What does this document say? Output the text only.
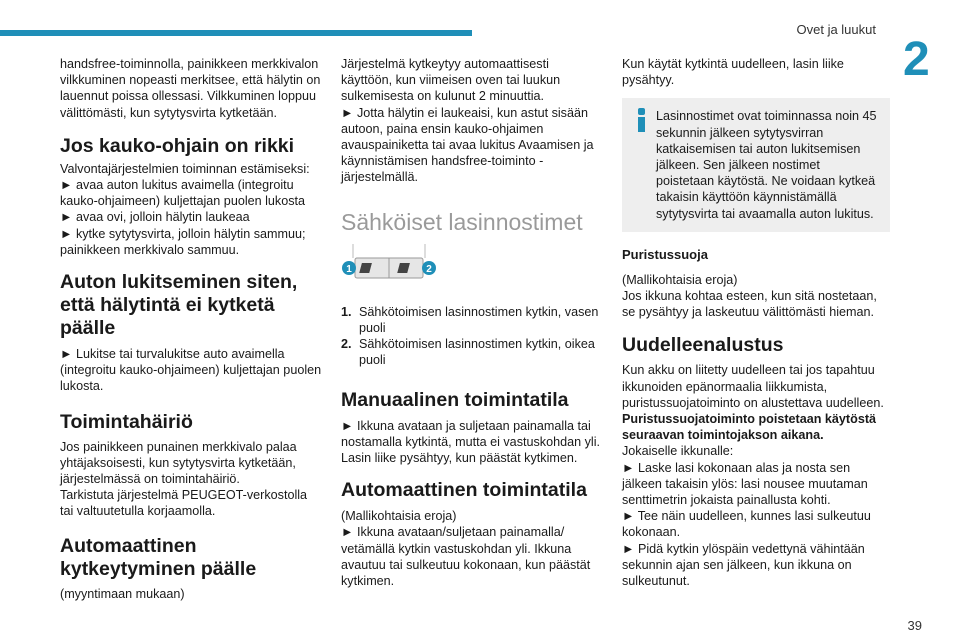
Ovet ja luukut
2
39

handsfree-toiminnolla, painikkeen merkkivalon vilkkuminen nopeasti merkitsee, että hälytin on lauennut poissa ollessasi. Vilkkuminen loppuu välittömästi, kun sytytysvirta kytketään.

Jos kauko-ohjain on rikki

Valvontajärjestelmien toiminnan estämiseksi:

► avaa auton lukitus avaimella (integroitu kauko-ohjaimeen) kuljettajan puolen lukosta

► avaa ovi, jolloin hälytin laukeaa

► kytke sytytysvirta, jolloin hälytin sammuu; painikkeen merkkivalo sammuu.

Auton lukitseminen siten, että hälytintä ei kytketä päälle

► Lukitse tai turvalukitse auto avaimella (integroitu kauko-ohjaimeen) kuljettajan puolen lukosta.

Toimintahäiriö

Jos painikkeen punainen merkkivalo palaa yhtäjaksoisesti, kun sytytysvirta kytketään, järjestelmässä on toimintahäiriö.

Tarkistuta järjestelmä PEUGEOT-verkostolla tai valtuutetulla korjaamolla.

Automaattinen kytkeytyminen päälle

(myyntimaan mukaan)

Järjestelmä kytkeytyy automaattisesti käyttöön, kun viimeisen oven tai luukun sulkemisesta on kulunut 2 minuuttia.

► Jotta hälytin ei laukeaisi, kun astut sisään autoon, paina ensin kauko-ohjaimen avauspainiketta tai avaa lukitus Avaamisen ja käynnistämisen handsfree-toiminto -järjestelmällä.

Sähköiset lasinnostimet
1	2
1. Sähkötoimisen lasinnostimen kytkin, vasen puoli
2. Sähkötoimisen lasinnostimen kytkin, oikea puoli
Manuaalinen toimintatila

► Ikkuna avataan ja suljetaan painamalla tai nostamalla kytkintä, mutta ei vastuskohdan yli. Lasin liike pysähtyy, kun päästät kytkimen.

Automaattinen toimintatila

(Mallikohtaisia eroja)

► Ikkuna avataan/suljetaan painamalla/ vetämällä kytkin vastuskohdan yli. Ikkuna avautuu tai sulkeutuu kokonaan, kun päästät kytkimen.

Kun käytät kytkintä uudelleen, lasin liike pysähtyy.

Lasinnostimet ovat toiminnassa noin 45 sekunnin jälkeen sytytysvirran katkaisemisen tai auton lukitsemisen jälkeen. Sen jälkeen nostimet poistetaan käytöstä. Ne voidaan kytkeä takaisin käyttöön käynnistämällä sytytysvirta tai avaamalla auton lukitus.

Puristussuoja

(Mallikohtaisia eroja)

Jos ikkuna kohtaa esteen, kun sitä nostetaan, se pysähtyy ja laskeutuu välittömästi hieman.

Uudelleenalustus

Kun akku on liitetty uudelleen tai jos tapahtuu ikkunoiden epänormaalia liikkumista, puristussuojatoiminto on alustettava uudelleen.

Puristussuojatoiminto poistetaan käytöstä seuraavan toimintojakson aikana.

Jokaiselle ikkunalle:

► Laske lasi kokonaan alas ja nosta sen jälkeen takaisin ylös: lasi nousee muutaman senttimetrin jokaista painallusta kohti.

► Tee näin uudelleen, kunnes lasi sulkeutuu kokonaan.

► Pidä kytkin ylöspäin vedettynä vähintään sekunnin ajan sen jälkeen, kun ikkuna on sulkeutunut.
